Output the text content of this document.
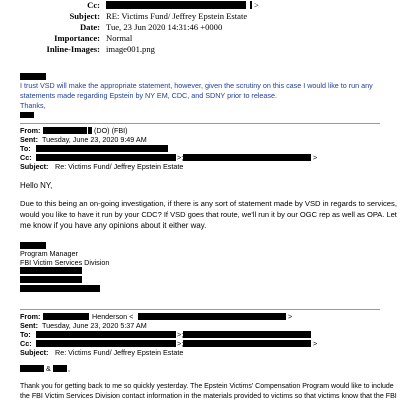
Cc:	>
Subject: RE: Victims Fund/ Jeffrey Epstein Estate
Date: Tue, 23 Jun 2020 14:31:46 +0000
Importance: Normal
Inline-Images: image001.png
I trust VSD will make the appropriate statement, however, given the scrutiny on this case I would like to run any
statements made regarding Epstein by NY EM, CDC, and SDNY prior to release.
Thanks,
From:	(DO) (FBI)
Sent: Tuesday, June 23, 2020 9:49 AM
To:
Cc:	>;	>
Subject: Re: Victims Fund/ Jeffrey Epstein Estate
Hello NY,
Due to this being an on-going investigation, if there is any sort of statement made by VSD in regards to services,
would you like to have it run by your CDC? If VSD goes that route, we'll run it by our OGC rep as well as OPA. Let
me know if you have any opinions about it either way.
Program Manager
FBI Victim Services Division
From:	Henderson <	>
Sent: Tuesday, June 23, 2020 5:37 AM
To:	>;
Cc:	>;	>
Subject: Re: Victims Fund/ Jeffrey Epstein Estate
& ,
Thank you for getting back to me so quickly yesterday. The Epstein Victims' Compensation Program would like to include
the FBI Victim Services Division contact information in the materials provided to victims so that victims know that the FBI
